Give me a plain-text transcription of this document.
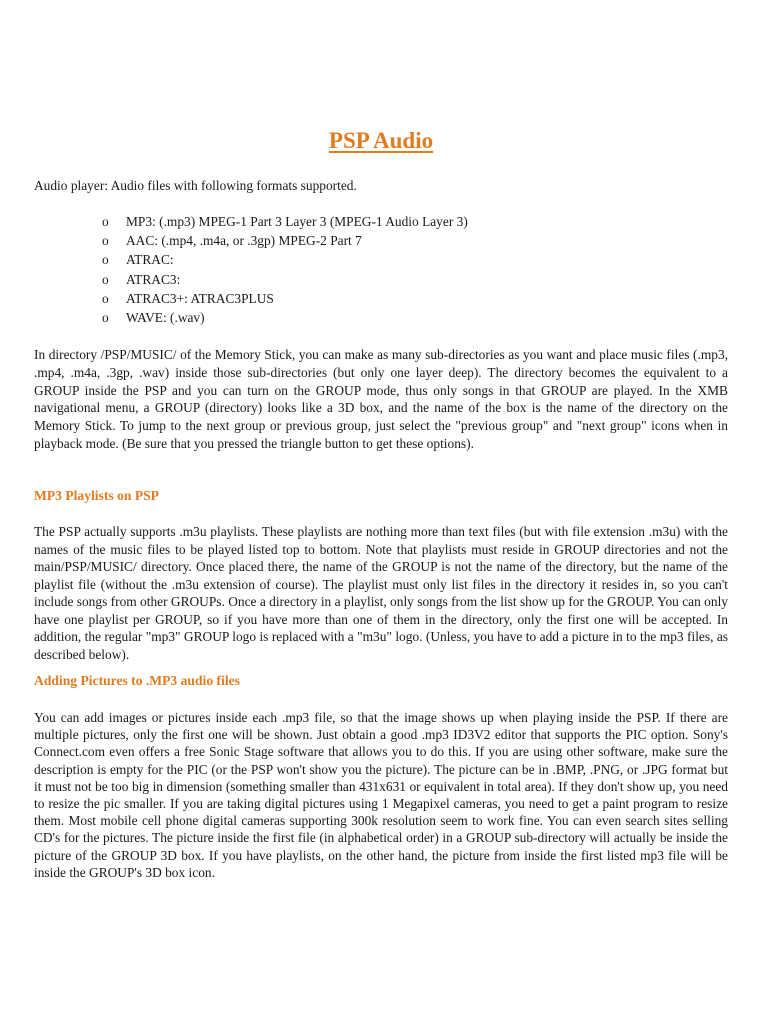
PSP Audio

Audio player: Audio files with following formats supported.

o	MP3: (.mp3) MPEG-1 Part 3 Layer 3 (MPEG-1 Audio Layer 3)
o	AAC: (.mp4, .m4a, or .3gp) MPEG-2 Part 7
o	ATRAC:
o	ATRAC3:
o	ATRAC3+: ATRAC3PLUS
o	WAVE: (.wav)

In directory /PSP/MUSIC/ of the Memory Stick, you can make as many sub-directories as you want and place music files (.mp3, .mp4, .m4a, .3gp, .wav) inside those sub-directories (but only one layer deep). The directory becomes the equivalent to a GROUP inside the PSP and you can turn on the GROUP mode, thus only songs in that GROUP are played. In the XMB navigational menu, a GROUP (directory) looks like a 3D box, and the name of the box is the name of the directory on the Memory Stick. To jump to the next group or previous group, just select the "previous group" and "next group" icons when in playback mode. (Be sure that you pressed the triangle button to get these options).

MP3 Playlists on PSP

The PSP actually supports .m3u playlists. These playlists are nothing more than text files (but with file extension .m3u) with the names of the music files to be played listed top to bottom. Note that playlists must reside in GROUP directories and not the main/PSP/MUSIC/ directory. Once placed there, the name of the GROUP is not the name of the directory, but the name of the playlist file (without the .m3u extension of course). The playlist must only list files in the directory it resides in, so you can't include songs from other GROUPs. Once a directory in a playlist, only songs from the list show up for the GROUP. You can only have one playlist per GROUP, so if you have more than one of them in the directory, only the first one will be accepted. In addition, the regular "mp3" GROUP logo is replaced with a "m3u" logo. (Unless, you have to add a picture in to the mp3 files, as described below).

Adding Pictures to .MP3 audio files

You can add images or pictures inside each .mp3 file, so that the image shows up when playing inside the PSP. If there are multiple pictures, only the first one will be shown. Just obtain a good .mp3 ID3V2 editor that supports the PIC option. Sony's Connect.com even offers a free Sonic Stage software that allows you to do this. If you are using other software, make sure the description is empty for the PIC (or the PSP won't show you the picture). The picture can be in .BMP, .PNG, or .JPG format but it must not be too big in dimension (something smaller than 431x631 or equivalent in total area). If they don't show up, you need to resize the pic smaller. If you are taking digital pictures using 1 Megapixel cameras, you need to get a paint program to resize them. Most mobile cell phone digital cameras supporting 300k resolution seem to work fine. You can even search sites selling CD's for the pictures. The picture inside the first file (in alphabetical order) in a GROUP sub-directory will actually be inside the picture of the GROUP 3D box. If you have playlists, on the other hand, the picture from inside the first listed mp3 file will be inside the GROUP's 3D box icon.
